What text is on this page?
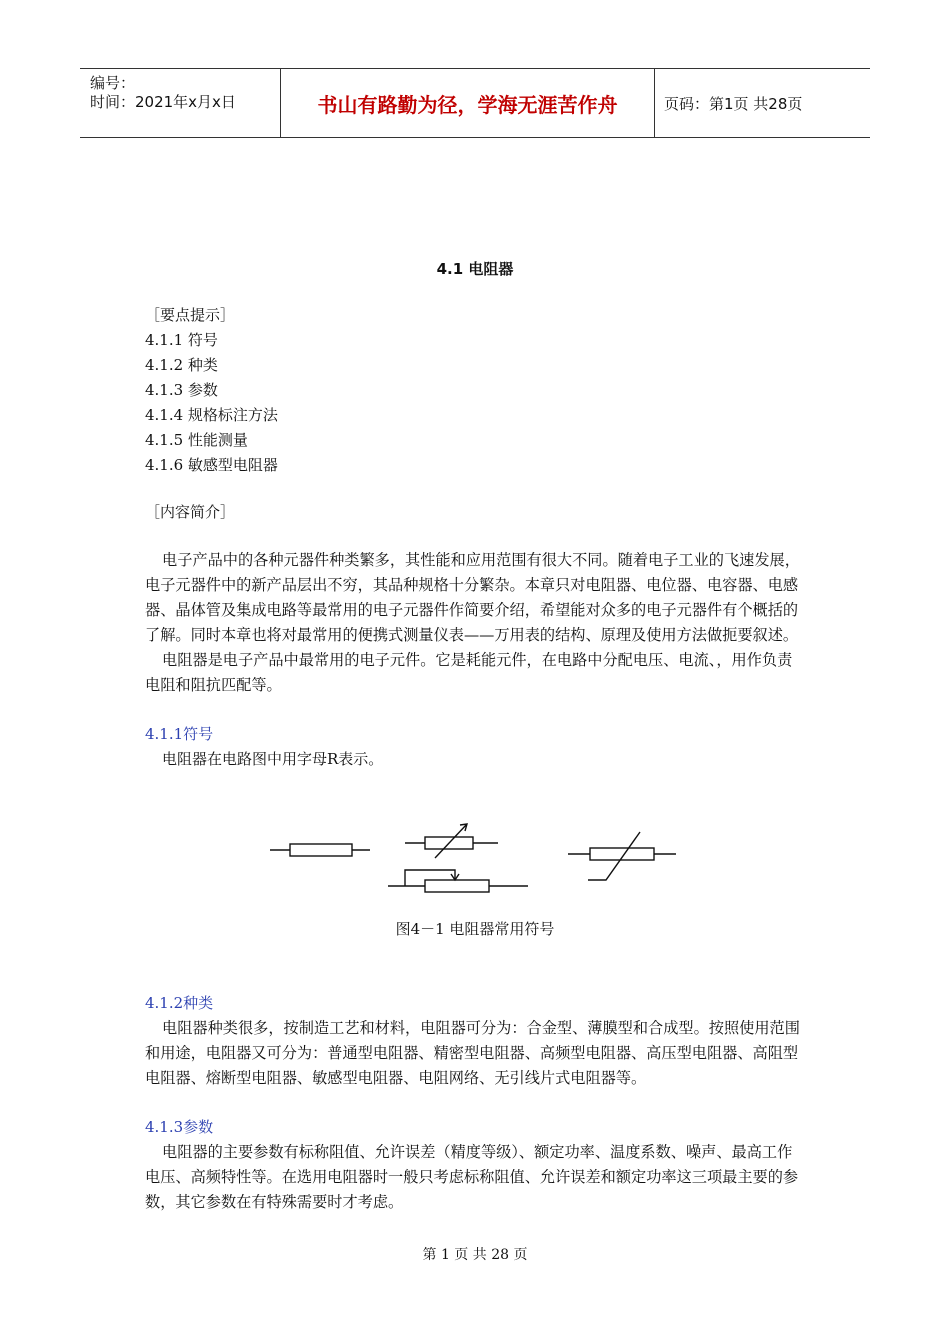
编号：
时间：2021年x月x日	书山有路勤为径，学海无涯苦作舟	页码：第1页 共28页
4.1 电阻器
［要点提示］
4.1.1 符号
4.1.2 种类
4.1.3 参数
4.1.4 规格标注方法
4.1.5 性能测量
4.1.6 敏感型电阻器
［内容简介］

电子产品中的各种元器件种类繁多，其性能和应用范围有很大不同。随着电子工业的飞速发展，电子元器件中的新产品层出不穷，其品种规格十分繁杂。本章只对电阻器、电位器、电容器、电感器、晶体管及集成电路等最常用的电子元器件作简要介绍，希望能对众多的电子元器件有个概括的了解。同时本章也将对最常用的便携式测量仪表——万用表的结构、原理及使用方法做扼要叙述。

电阻器是电子产品中最常用的电子元件。它是耗能元件，在电路中分配电压、电流、，用作负责电阻和阻抗匹配等。

4.1.1符号
电阻器在电路图中用字母R表示。
图4－1 电阻器常用符号
4.1.2种类

电阻器种类很多，按制造工艺和材料，电阻器可分为：合金型、薄膜型和合成型。按照使用范围和用途，电阻器又可分为：普通型电阻器、精密型电阻器、高频型电阻器、高压型电阻器、高阻型电阻器、熔断型电阻器、敏感型电阻器、电阻网络、无引线片式电阻器等。

4.1.3参数

电阻器的主要参数有标称阻值、允许误差（精度等级）、额定功率、温度系数、噪声、最高工作电压、高频特性等。在选用电阻器时一般只考虑标称阻值、允许误差和额定功率这三项最主要的参数，其它参数在有特殊需要时才考虑。

第 1 页 共 28 页
